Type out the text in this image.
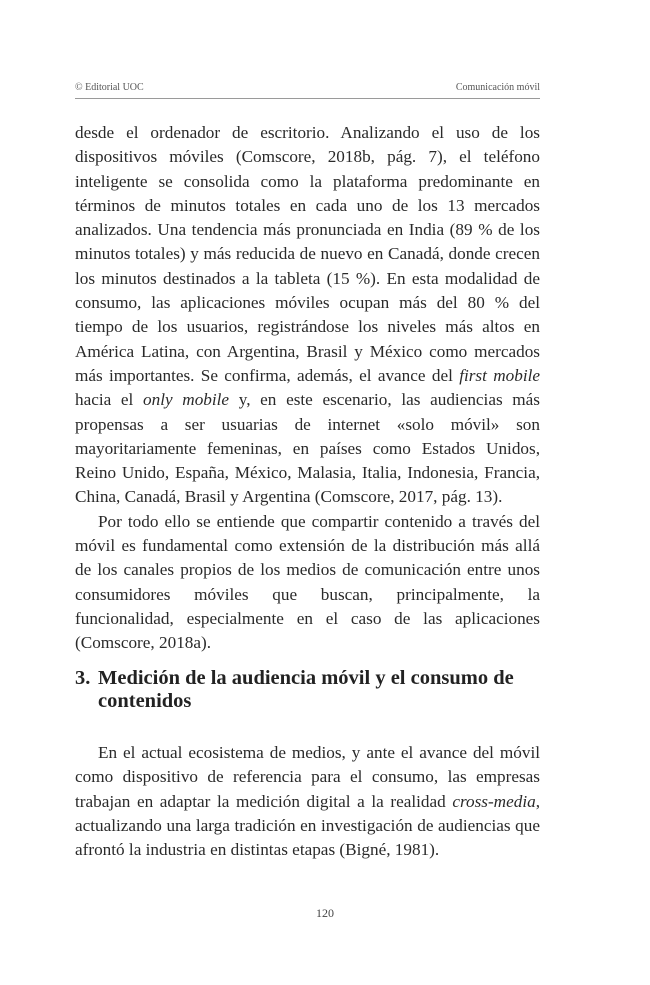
© Editorial UOC	Comunicación móvil

desde el ordenador de escritorio. Analizando el uso de los dispositivos móviles (Comscore, 2018b, pág. 7), el teléfono inteligente se consolida como la plataforma predominante en términos de minutos totales en cada uno de los 13 mercados analizados. Una tendencia más pronunciada en India (89 % de los minutos totales) y más reducida de nuevo en Canadá, donde crecen los minutos destinados a la tableta (15 %). En esta modalidad de consumo, las aplicaciones móviles ocupan más del 80 % del tiempo de los usuarios, registrándose los niveles más altos en América Latina, con Argentina, Brasil y México como mercados más importantes. Se confirma, además, el avance del first mobile hacia el only mobile y, en este escenario, las audiencias más propensas a ser usuarias de internet «solo móvil» son mayoritariamente femeninas, en países como Estados Unidos, Reino Unido, España, México, Malasia, Italia, Indonesia, Francia, China, Canadá, Brasil y Argentina (Comscore, 2017, pág. 13).

Por todo ello se entiende que compartir contenido a través del móvil es fundamental como extensión de la distribución más allá de los canales propios de los medios de comunicación entre unos consumidores móviles que buscan, principalmente, la funcionalidad, especialmente en el caso de las aplicaciones (Comscore, 2018a).

3. Medición de la audiencia móvil y el consumo de contenidos

En el actual ecosistema de medios, y ante el avance del móvil como dispositivo de referencia para el consumo, las empresas trabajan en adaptar la medición digital a la realidad cross-media, actualizando una larga tradición en investigación de audiencias que afrontó la industria en distintas etapas (Bigné, 1981).

120
